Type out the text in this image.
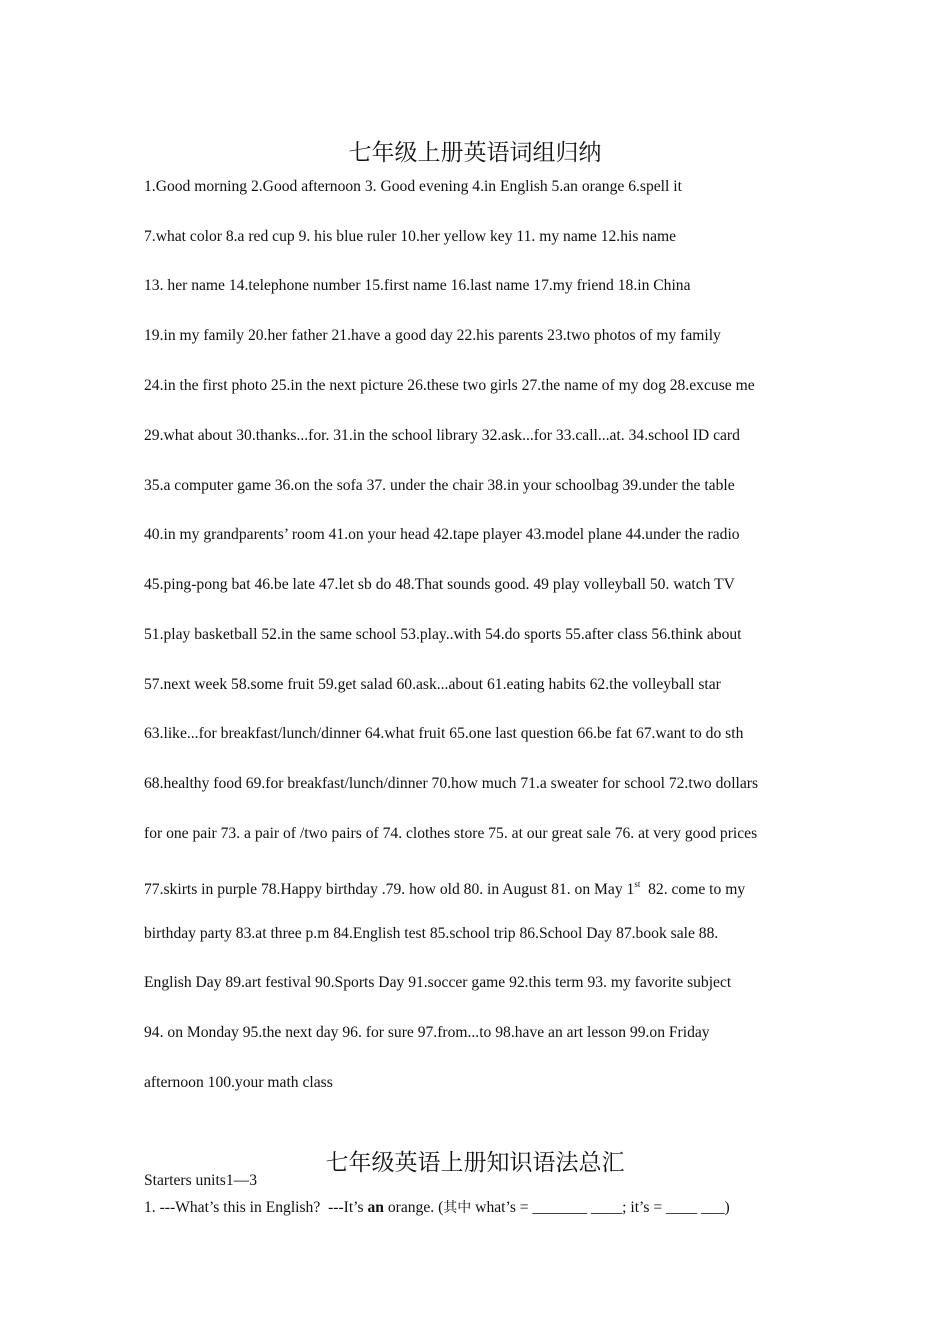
七年级上册英语词组归纳
1.Good morning 2.Good afternoon 3. Good evening 4.in English 5.an orange 6.spell it
7.what color 8.a red cup 9. his blue ruler 10.her yellow key 11. my name 12.his name
13. her name 14.telephone number 15.first name 16.last name 17.my friend 18.in China
19.in my family 20.her father 21.have a good day 22.his parents 23.two photos of my family
24.in the first photo 25.in the next picture 26.these two girls 27.the name of my dog 28.excuse me
29.what about 30.thanks...for. 31.in the school library 32.ask...for 33.call...at. 34.school ID card
35.a computer game 36.on the sofa 37. under the chair 38.in your schoolbag 39.under the table
40.in my grandparents’ room 41.on your head 42.tape player 43.model plane 44.under the radio
45.ping-pong bat 46.be late 47.let sb do 48.That sounds good. 49 play volleyball 50. watch TV
51.play basketball 52.in the same school 53.play..with 54.do sports 55.after class 56.think about
57.next week 58.some fruit 59.get salad 60.ask...about 61.eating habits 62.the volleyball star
63.like...for breakfast/lunch/dinner 64.what fruit 65.one last question 66.be fat 67.want to do sth
68.healthy food 69.for breakfast/lunch/dinner 70.how much 71.a sweater for school 72.two dollars
for one pair 73. a pair of /two pairs of 74. clothes store 75. at our great sale 76. at very good prices
77.skirts in purple 78.Happy birthday .79. how old 80. in August 81. on May 1st  82. come to my
birthday party 83.at three p.m 84.English test 85.school trip 86.School Day 87.book sale 88.
English Day 89.art festival 90.Sports Day 91.soccer game 92.this term 93. my favorite subject
94. on Monday 95.the next day 96. for sure 97.from...to 98.have an art lesson 99.on Friday
afternoon 100.your math class
七年级英语上册知识语法总汇
Starters units1—3
1. ---What’s this in English?  ---It’s an orange. (其中 what’s = _______ ____; it’s = ____ ___)
